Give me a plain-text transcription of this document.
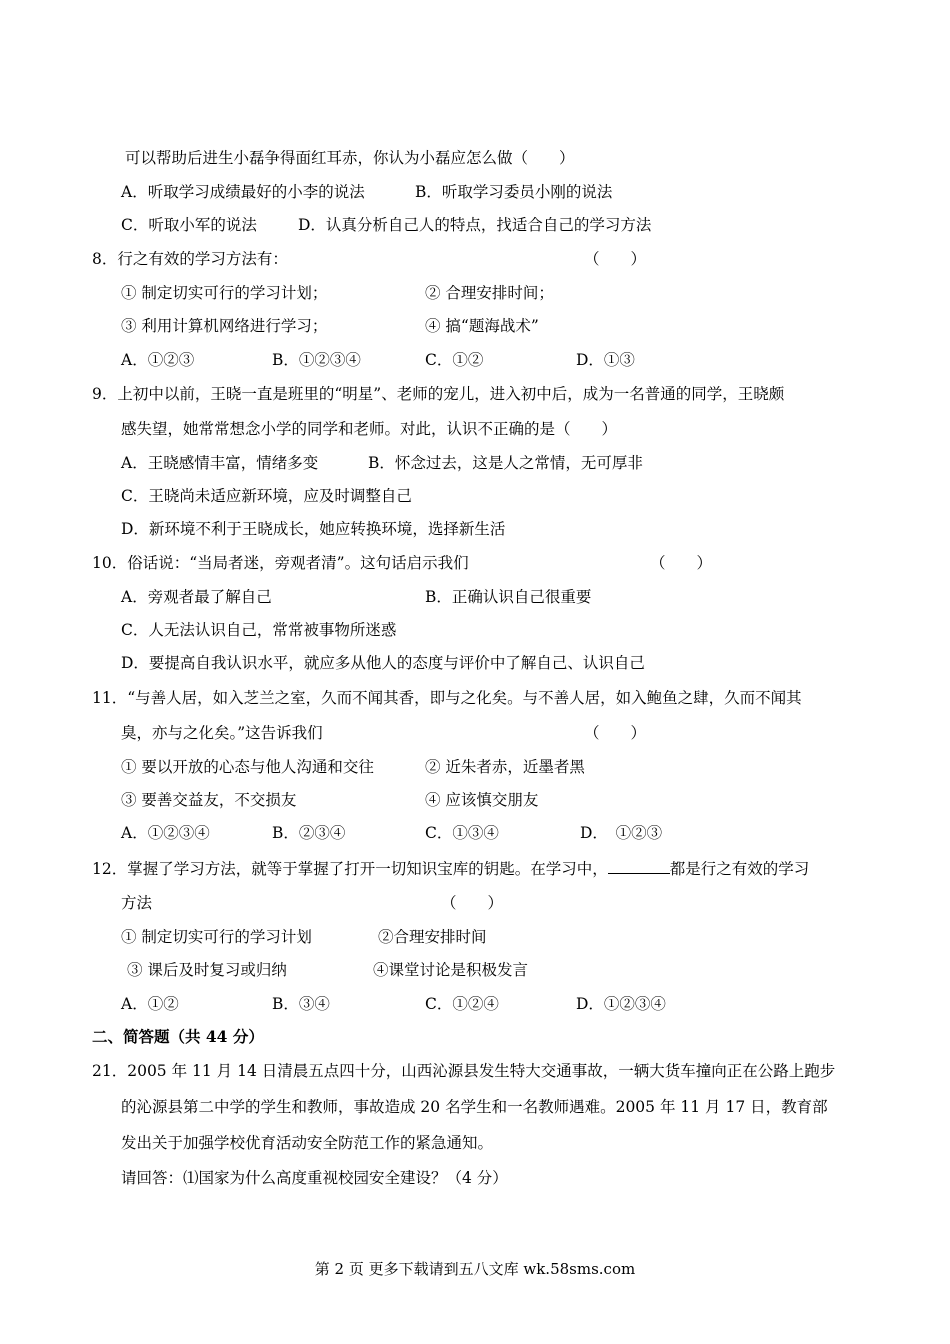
可以帮助后进生小磊争得面红耳赤，你认为小磊应怎么做（　　）
A．听取学习成绩最好的小李的说法	B．听取学习委员小刚的说法
C．听取小军的说法	D．认真分析自己人的特点，找适合自己的学习方法
8．行之有效的学习方法有：	（　　）
① 制定切实可行的学习计划；	② 合理安排时间；
③ 利用计算机网络进行学习；	④ 搞“题海战术”
A．①②③	B．①②③④	C．①②	D．①③
9．上初中以前，王晓一直是班里的“明星”、老师的宠儿，进入初中后，成为一名普通的同学，王晓颇
感失望，她常常想念小学的同学和老师。对此，认识不正确的是（　　）
A．王晓感情丰富，情绪多变	B．怀念过去，这是人之常情，无可厚非
C．王晓尚未适应新环境，应及时调整自己
D．新环境不利于王晓成长，她应转换环境，选择新生活
10．俗话说：“当局者迷，旁观者清”。这句话启示我们	（　　）
A．旁观者最了解自己	B．正确认识自己很重要
C．人无法认识自己，常常被事物所迷惑
D．要提高自我认识水平，就应多从他人的态度与评价中了解自己、认识自己
11．“与善人居，如入芝兰之室，久而不闻其香，即与之化矣。与不善人居，如入鲍鱼之肆，久而不闻其
臭，亦与之化矣。”这告诉我们	（　　）
① 要以开放的心态与他人沟通和交往	② 近朱者赤，近墨者黑
③ 要善交益友，不交损友	④ 应该慎交朋友
A．①②③④	B．②③④	C．①③④	D．　①②③
12．掌握了学习方法，就等于掌握了打开一切知识宝库的钥匙。在学习中，	都是行之有效的学习
方法	（　　）
① 制定切实可行的学习计划	②合理安排时间
③ 课后及时复习或归纳	④课堂讨论是积极发言
A．①②	B．③④	C．①②④	D．①②③④
二、简答题（共 44 分）
21．2005 年 11 月 14 日清晨五点四十分，山西沁源县发生特大交通事故，一辆大货车撞向正在公路上跑步
的沁源县第二中学的学生和教师，事故造成 20 名学生和一名教师遇难。2005 年 11 月 17 日，教育部
发出关于加强学校优育活动安全防范工作的紧急通知。
请回答：⑴国家为什么高度重视校园安全建设？（4 分）
第 2 页 更多下载请到五八文库 wk.58sms.com
